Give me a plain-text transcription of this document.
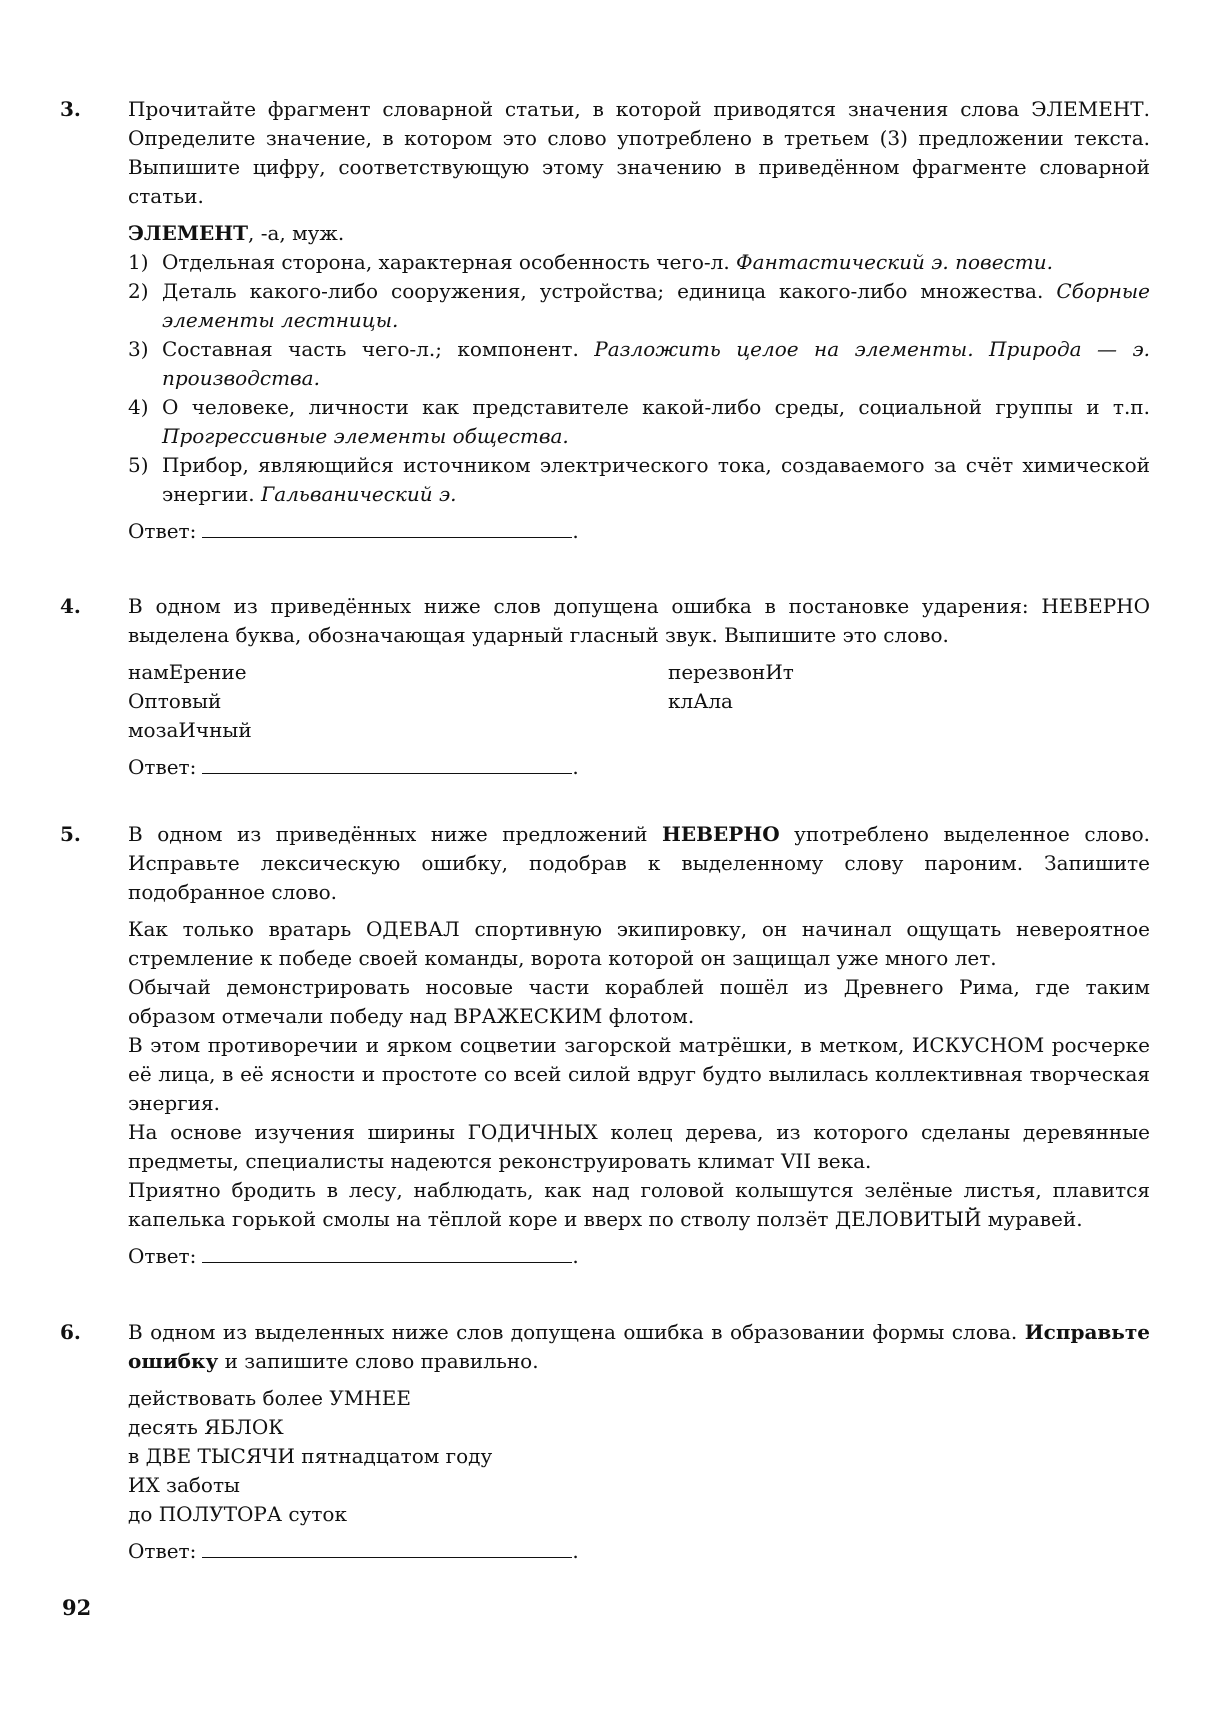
3.	Прочитайте фрагмент словарной статьи, в которой приводятся значения слова ЭЛЕМЕНТ. Определите значение, в котором это слово употреблено в третьем (3) предложении текста. Выпишите цифру, соответствующую этому значению в приведённом фрагменте словарной статьи.

ЭЛЕМЕНТ, -а, муж.

1) Отдельная сторона, характерная особенность чего-л. Фантастический э. повести.
2) Деталь какого-либо сооружения, устройства; единица какого-либо множества. Сборные элементы лестницы.
3) Составная часть чего-л.; компонент. Разложить целое на элементы. Природа — э. производства.
4) О человеке, личности как представителе какой-либо среды, социальной группы и т.п. Прогрессивные элементы общества.
5) Прибор, являющийся источником электрического тока, создаваемого за счёт химической энергии. Гальванический э.
Ответ:	.
4.	В одном из приведённых ниже слов допущена ошибка в постановке ударения: НЕВЕРНО выделена буква, обозначающая ударный гласный звук. Выпишите это слово.

намЕрение
Оптовый
мозаИчный
перезвонИт
клАла
Ответ:	.
5.	В одном из приведённых ниже предложений НЕВЕРНО употреблено выделенное слово. Исправьте лексическую ошибку, подобрав к выделенному слову пароним. Запишите подобранное слово.

Как только вратарь ОДЕВАЛ спортивную экипировку, он начинал ощущать невероятное стремление к победе своей команды, ворота которой он защищал уже много лет.

Обычай демонстрировать носовые части кораблей пошёл из Древнего Рима, где таким образом отмечали победу над ВРАЖЕСКИМ флотом.

В этом противоречии и ярком соцветии загорской матрёшки, в метком, ИСКУСНОМ росчерке её лица, в её ясности и простоте со всей силой вдруг будто вылилась коллективная творческая энергия.

На основе изучения ширины ГОДИЧНЫХ колец дерева, из которого сделаны деревянные предметы, специалисты надеются реконструировать климат VII века.

Приятно бродить в лесу, наблюдать, как над головой колышутся зелёные листья, плавится капелька горькой смолы на тёплой коре и вверх по стволу ползёт ДЕЛОВИТЫЙ муравей.

Ответ:	.
6.	В одном из выделенных ниже слов допущена ошибка в образовании формы слова. Исправьте ошибку и запишите слово правильно.

действовать более УМНЕЕ
десять ЯБЛОК
в ДВЕ ТЫСЯЧИ пятнадцатом году
ИХ заботы
до ПОЛУТОРА суток
Ответ:	.
92
